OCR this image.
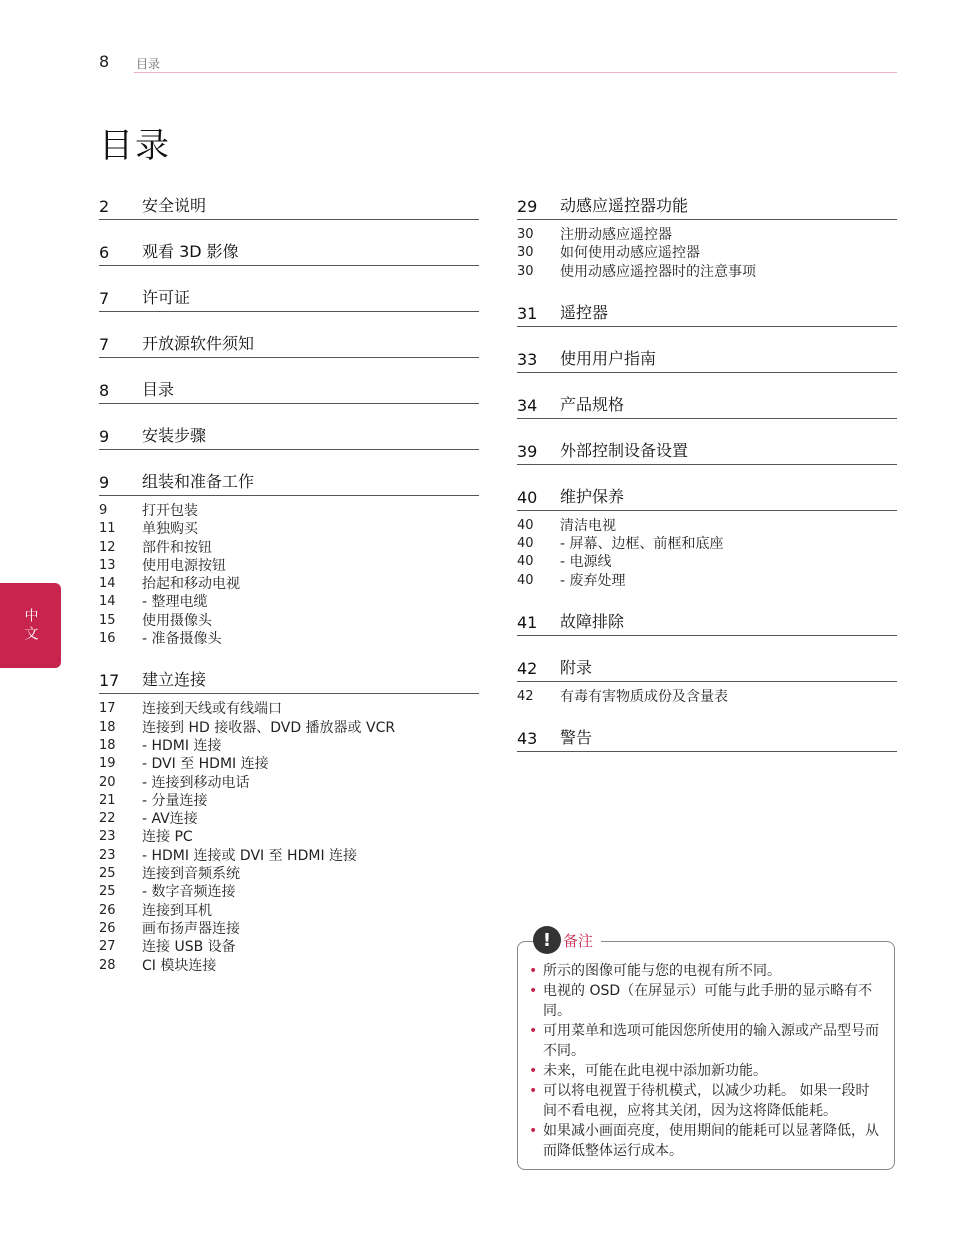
8 目录
目录
2	安全说明
6	观看 3D 影像
7	许可证
7	开放源软件须知
8	目录
9	安装步骤
9	组装和准备工作
9	打开包装
11	单独购买
12	部件和按钮
13	使用电源按钮
14	抬起和移动电视
14	- 整理电缆
15	使用摄像头
16	- 准备摄像头
17	建立连接
17	连接到天线或有线端口
18	连接到 HD 接收器、DVD 播放器或 VCR
18	- HDMI 连接
19	- DVI 至 HDMI 连接
20	- 连接到移动电话
21	- 分量连接
22	- AV连接
23	连接 PC
23	- HDMI 连接或 DVI 至 HDMI 连接
25	连接到音频系统
25	- 数字音频连接
26	连接到耳机
26	画布扬声器连接
27	连接 USB 设备
28	CI 模块连接
29	动感应遥控器功能
30	注册动感应遥控器
30	如何使用动感应遥控器
30	使用动感应遥控器时的注意事项
31	遥控器
33	使用用户指南
34	产品规格
39	外部控制设备设置
40	维护保养
40	清洁电视
40	- 屏幕、边框、前框和底座
40	- 电源线
40	- 废弃处理
41	故障排除
42	附录
42	有毒有害物质成份及含量表
43	警告
中文
! 备注
• 所示的图像可能与您的电视有所不同。
• 电视的 OSD（在屏显示）可能与此手册的显示略有不同。
• 可用菜单和选项可能因您所使用的输入源或产品型号而不同。
• 未来，可能在此电视中添加新功能。
• 可以将电视置于待机模式，以减少功耗。 如果一段时间不看电视，应将其关闭，因为这将降低能耗。
• 如果减小画面亮度，使用期间的能耗可以显著降低，从而降低整体运行成本。
